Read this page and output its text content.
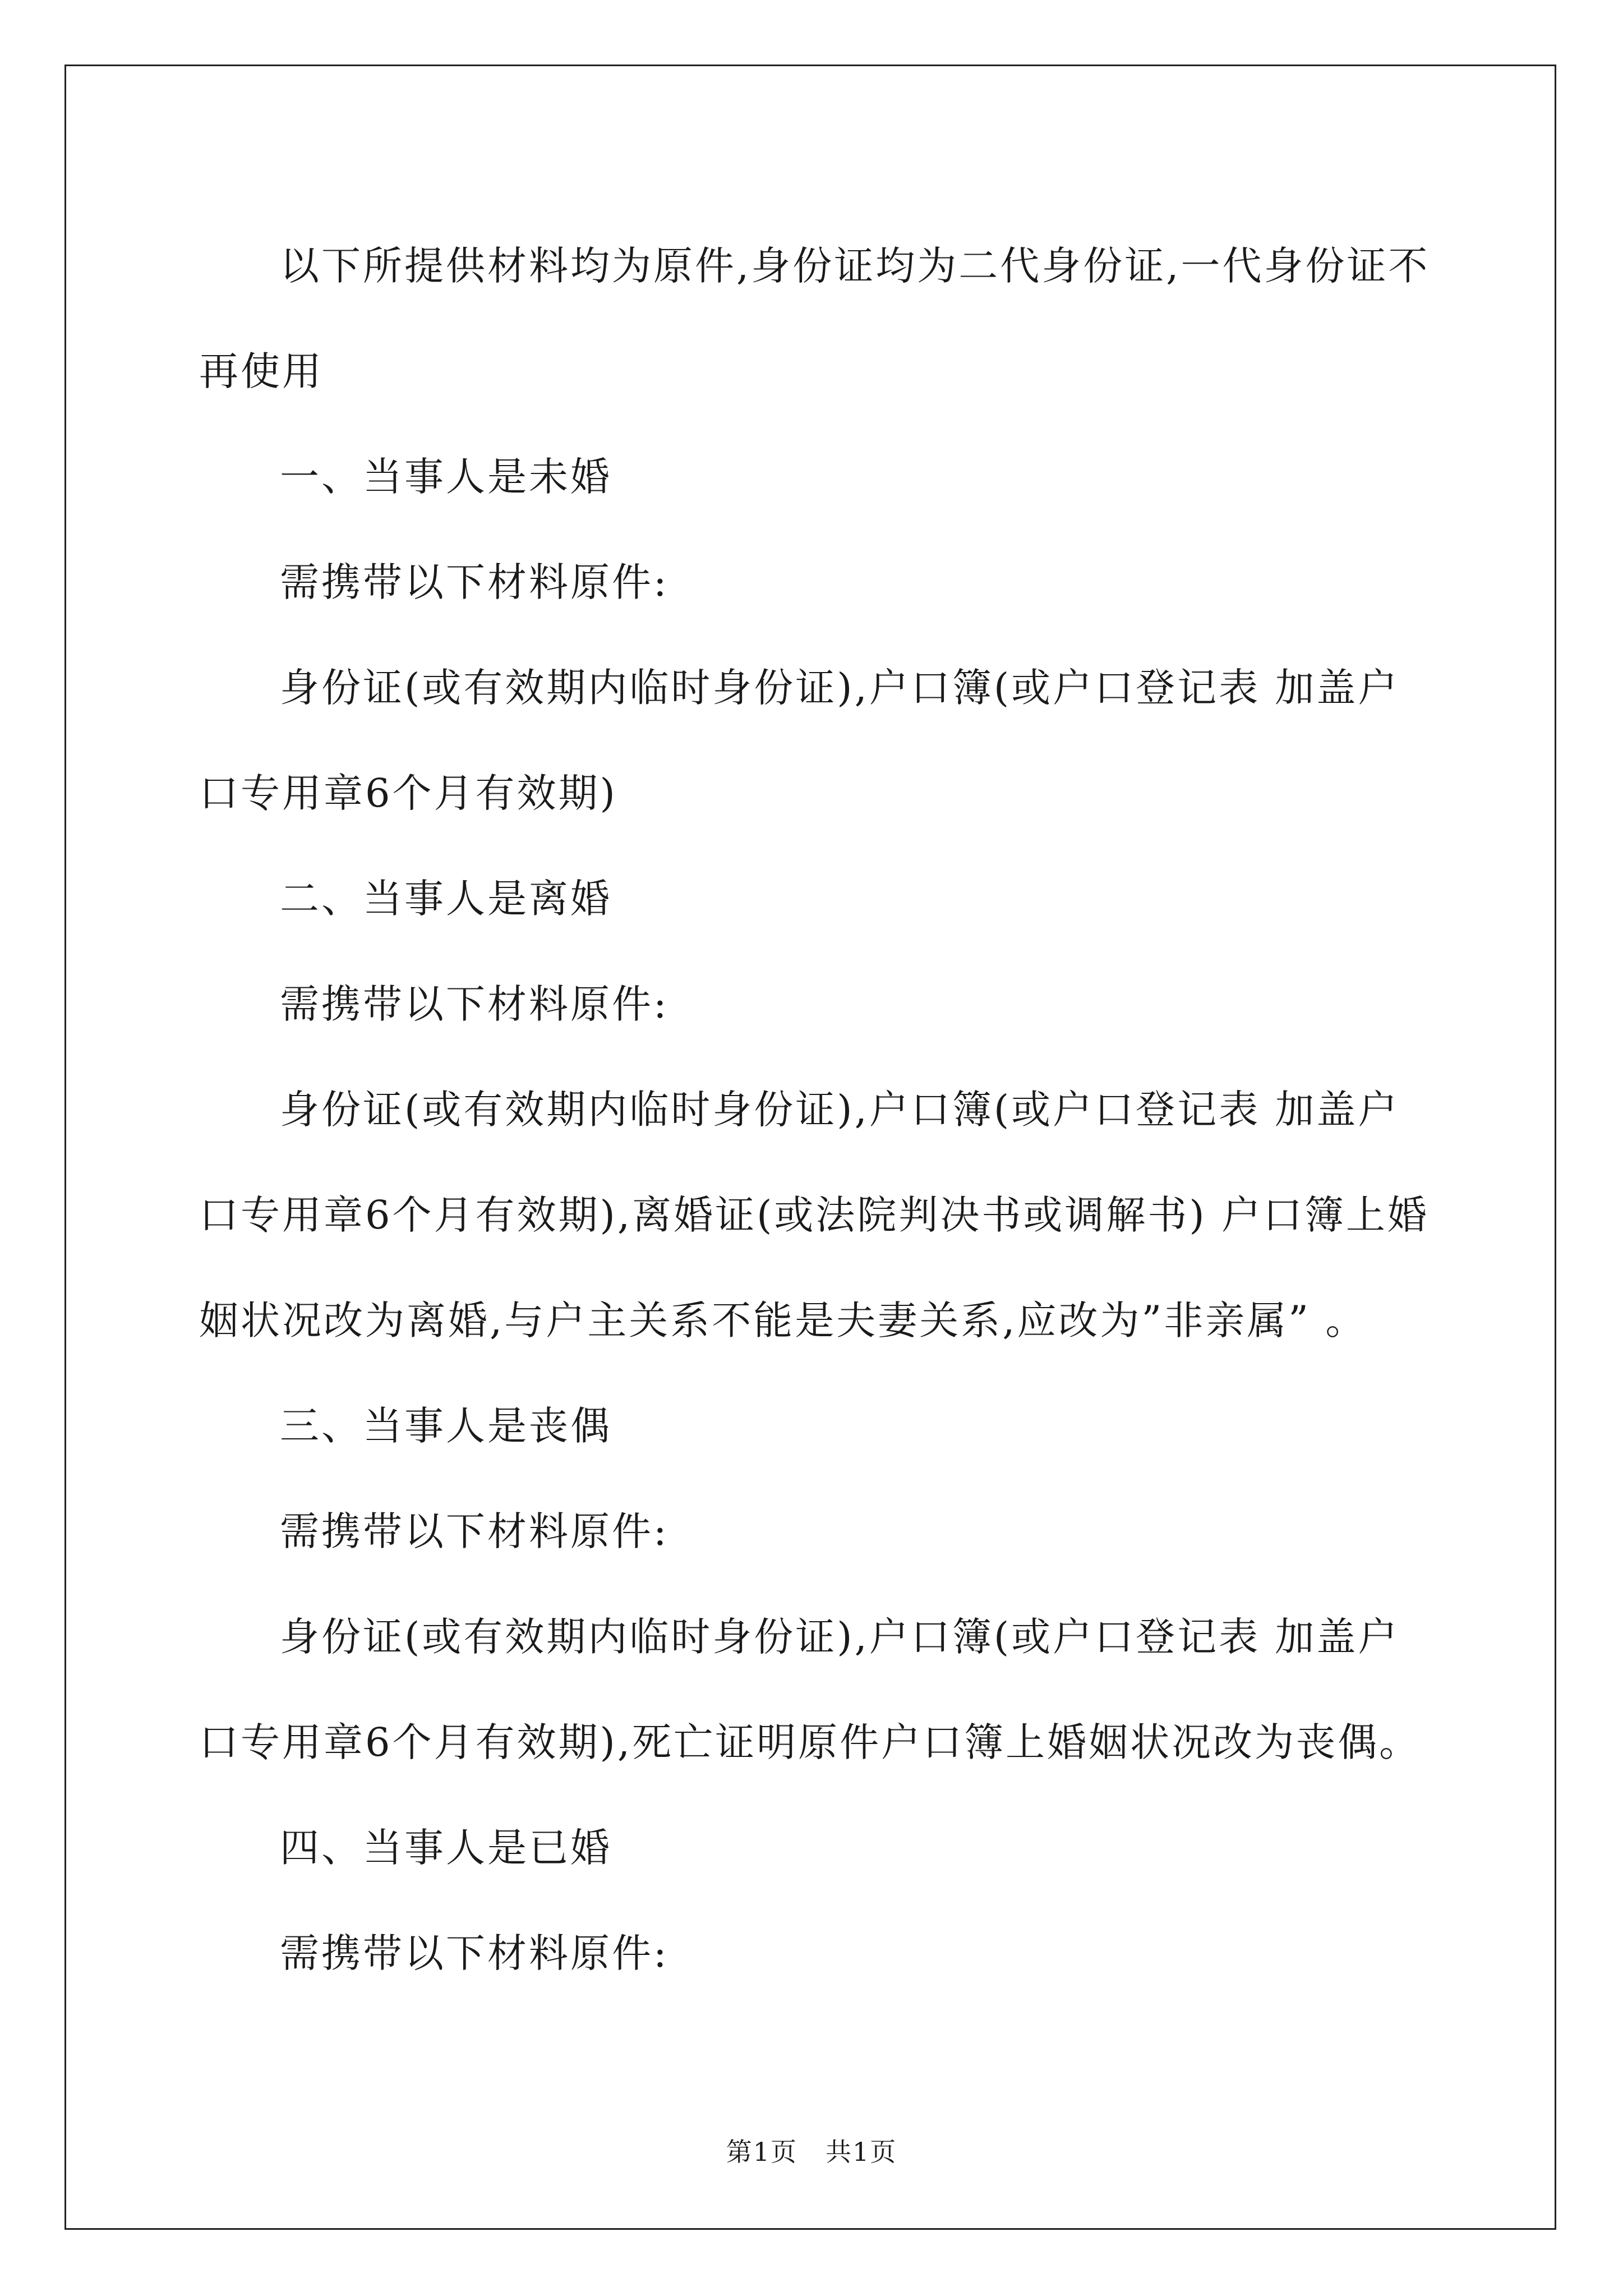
以下所提供材料均为原件,身份证均为二代身份证,一代身份证不再使用

一、当事人是未婚

需携带以下材料原件:

身份证(或有效期内临时身份证),户口簿(或户口登记表 加盖户口专用章6个月有效期)

二、当事人是离婚

需携带以下材料原件:

身份证(或有效期内临时身份证),户口簿(或户口登记表 加盖户口专用章6个月有效期),离婚证(或法院判决书或调解书) 户口簿上婚姻状况改为离婚,与户主关系不能是夫妻关系,应改为”非亲属” 。

三、当事人是丧偶

需携带以下材料原件:

身份证(或有效期内临时身份证),户口簿(或户口登记表 加盖户口专用章6个月有效期),死亡证明原件户口簿上婚姻状况改为丧偶。

四、当事人是已婚

需携带以下材料原件:

第1页 共1页
